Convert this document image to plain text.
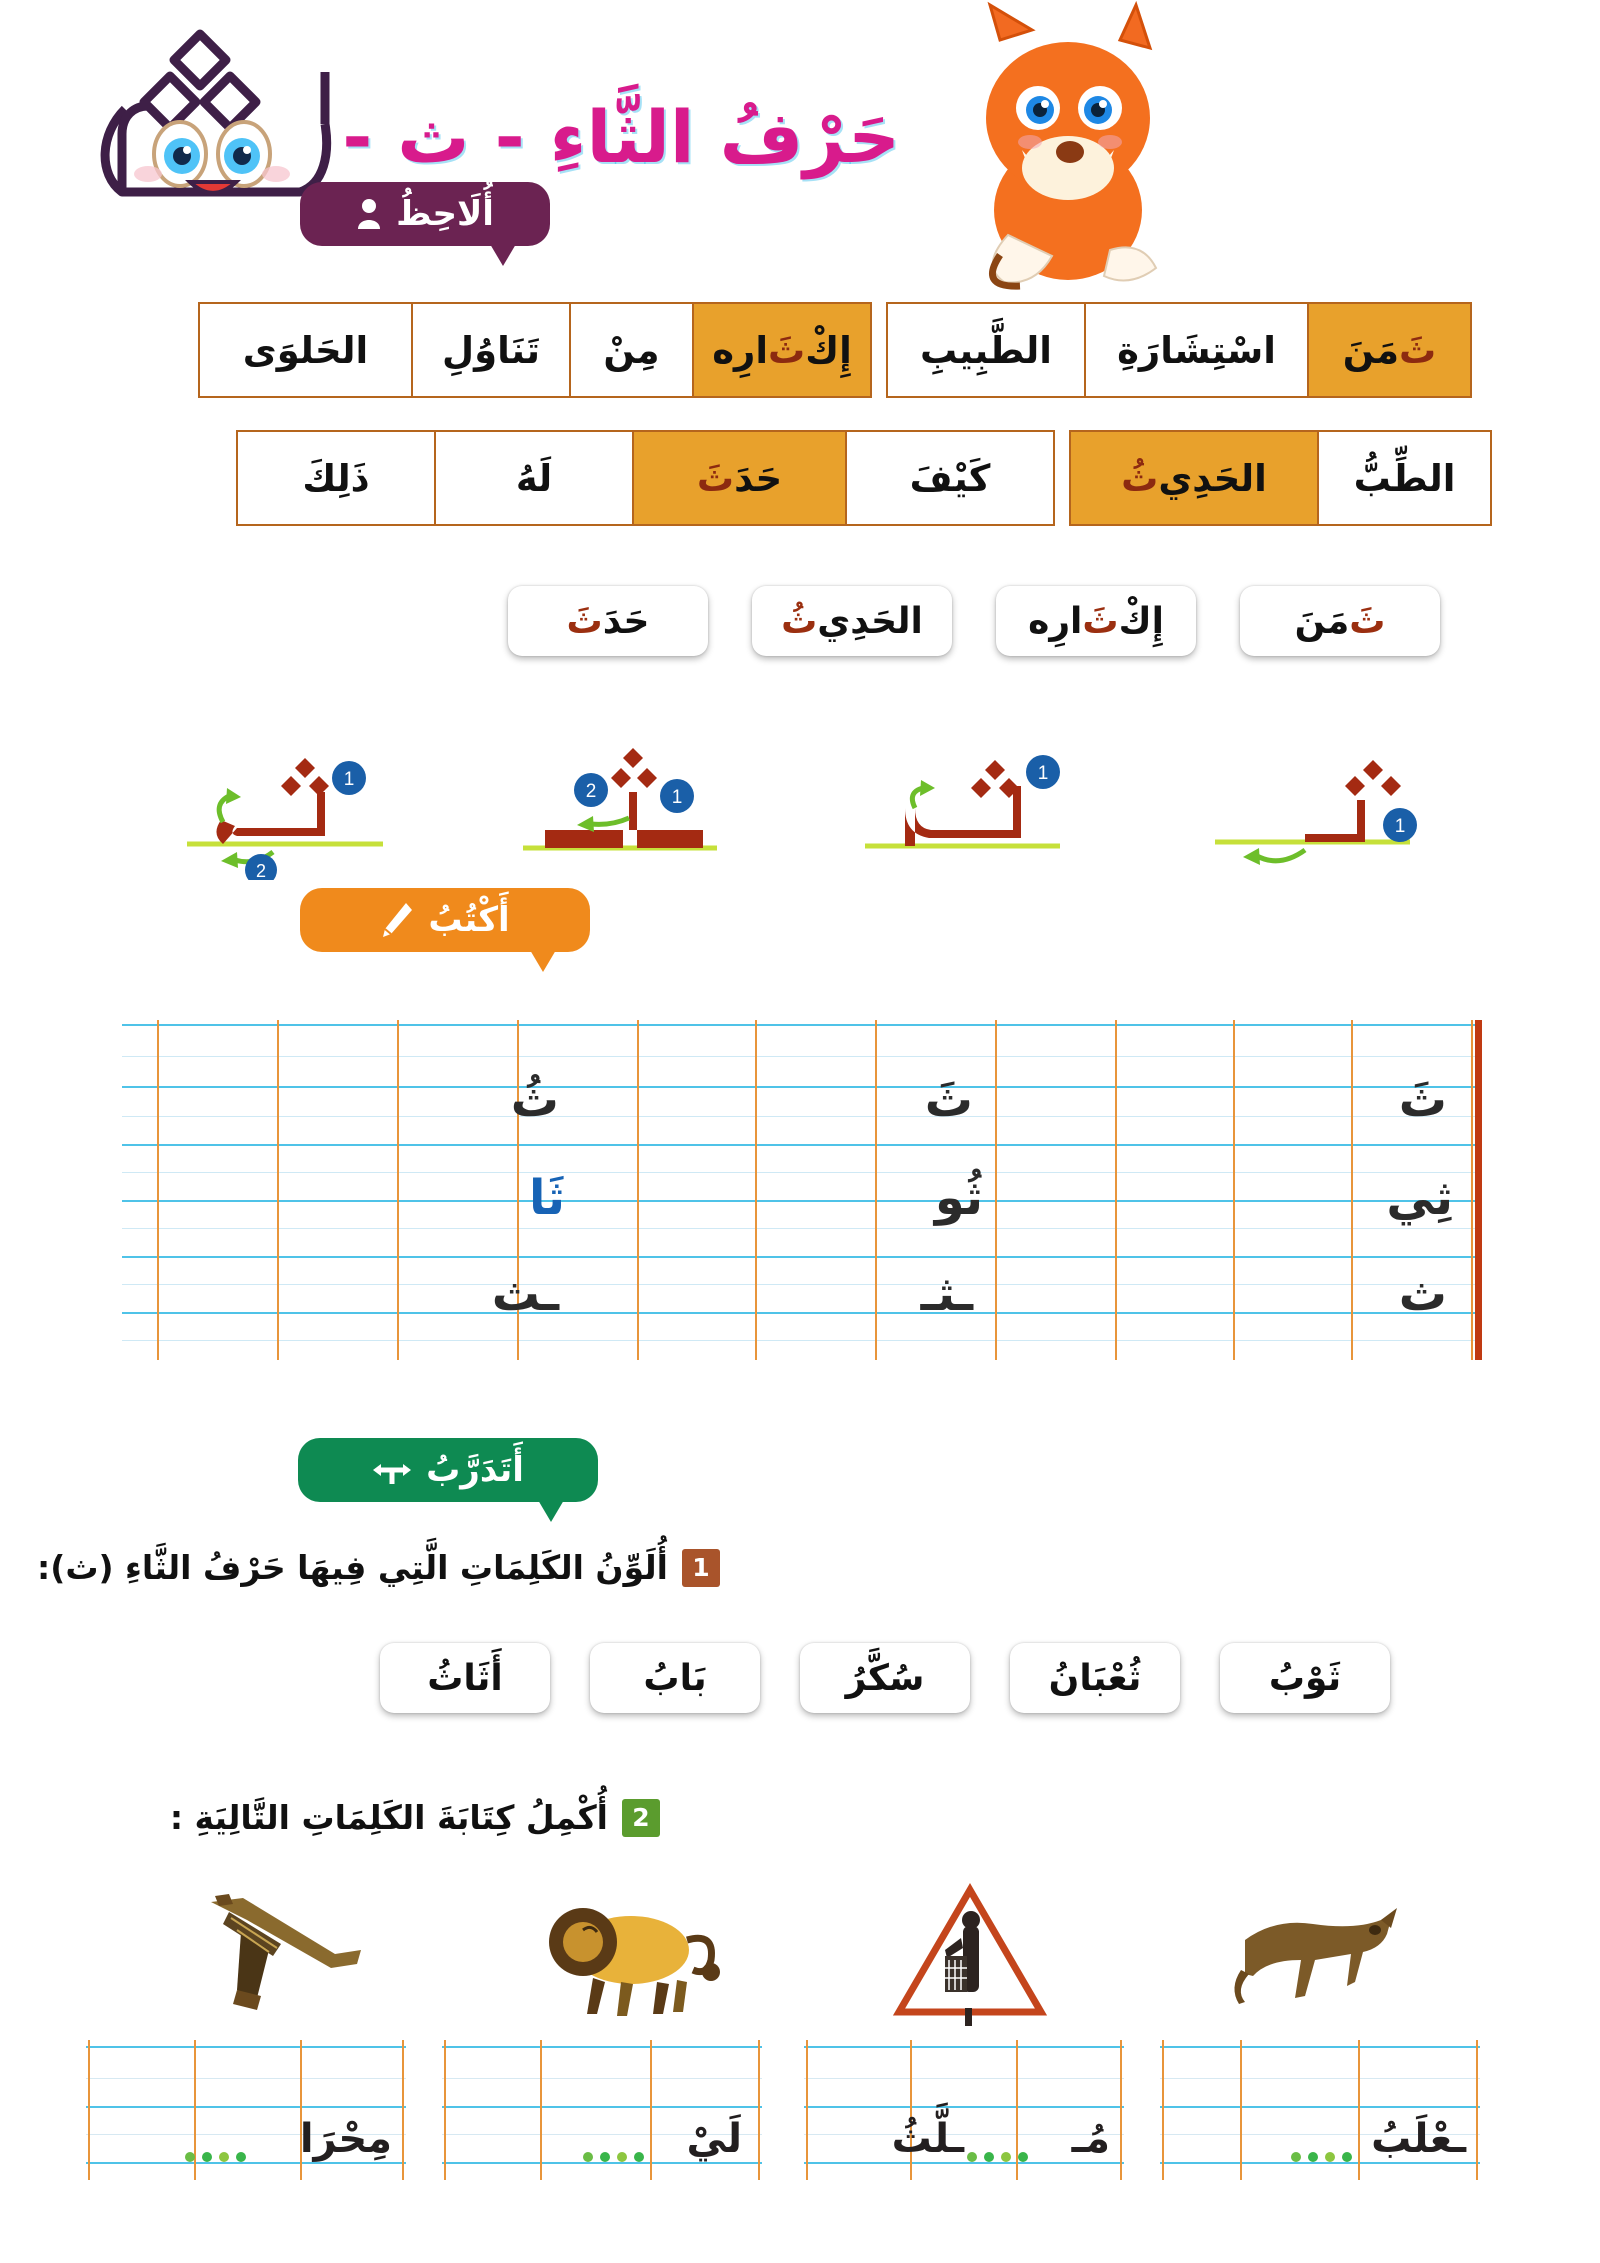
حَرْفُ الثَّاءِ - ث -
أُلَاحِظُ
ثَ
مَنَ
اسْتِشَارَةِ
الطَّبِيبِ
إِكْ
ثَ
ارِه
مِنْ
تَنَاوُلِ
الحَلوَى
الطِّبُّ
الحَدِي
ثُ
كَيْفَ
حَدَ
ثَ
لَهُ
ذَلِكَ
ثَ
مَنَ
إِكْ
ثَ
ارِه
الحَدِي
ثُ
حَدَ
ثَ
1
1
1
2
1
2
أَكْتُبُ
ثَ
ثَ
ثُ
ثِي
ثُو
ثَا
ث
ـثـ
ـث
أَتَدَرَّبُ
1
أُلَوِّنُ الكَلِمَاتِ الَّتِي فِيهَا حَرْفُ الثَّاءِ (ث):
ثَوْبُ
ثُعْبَانُ
سُكَّرُ
بَابُ
أَثَاثُ
2
أُكْمِلُ كِتَابَةَ الكَلِمَاتِ التَّالِيَةِ :
ـعْلَبُ
مُـ
ـلَّثُ
لَيْ
مِحْرَا
